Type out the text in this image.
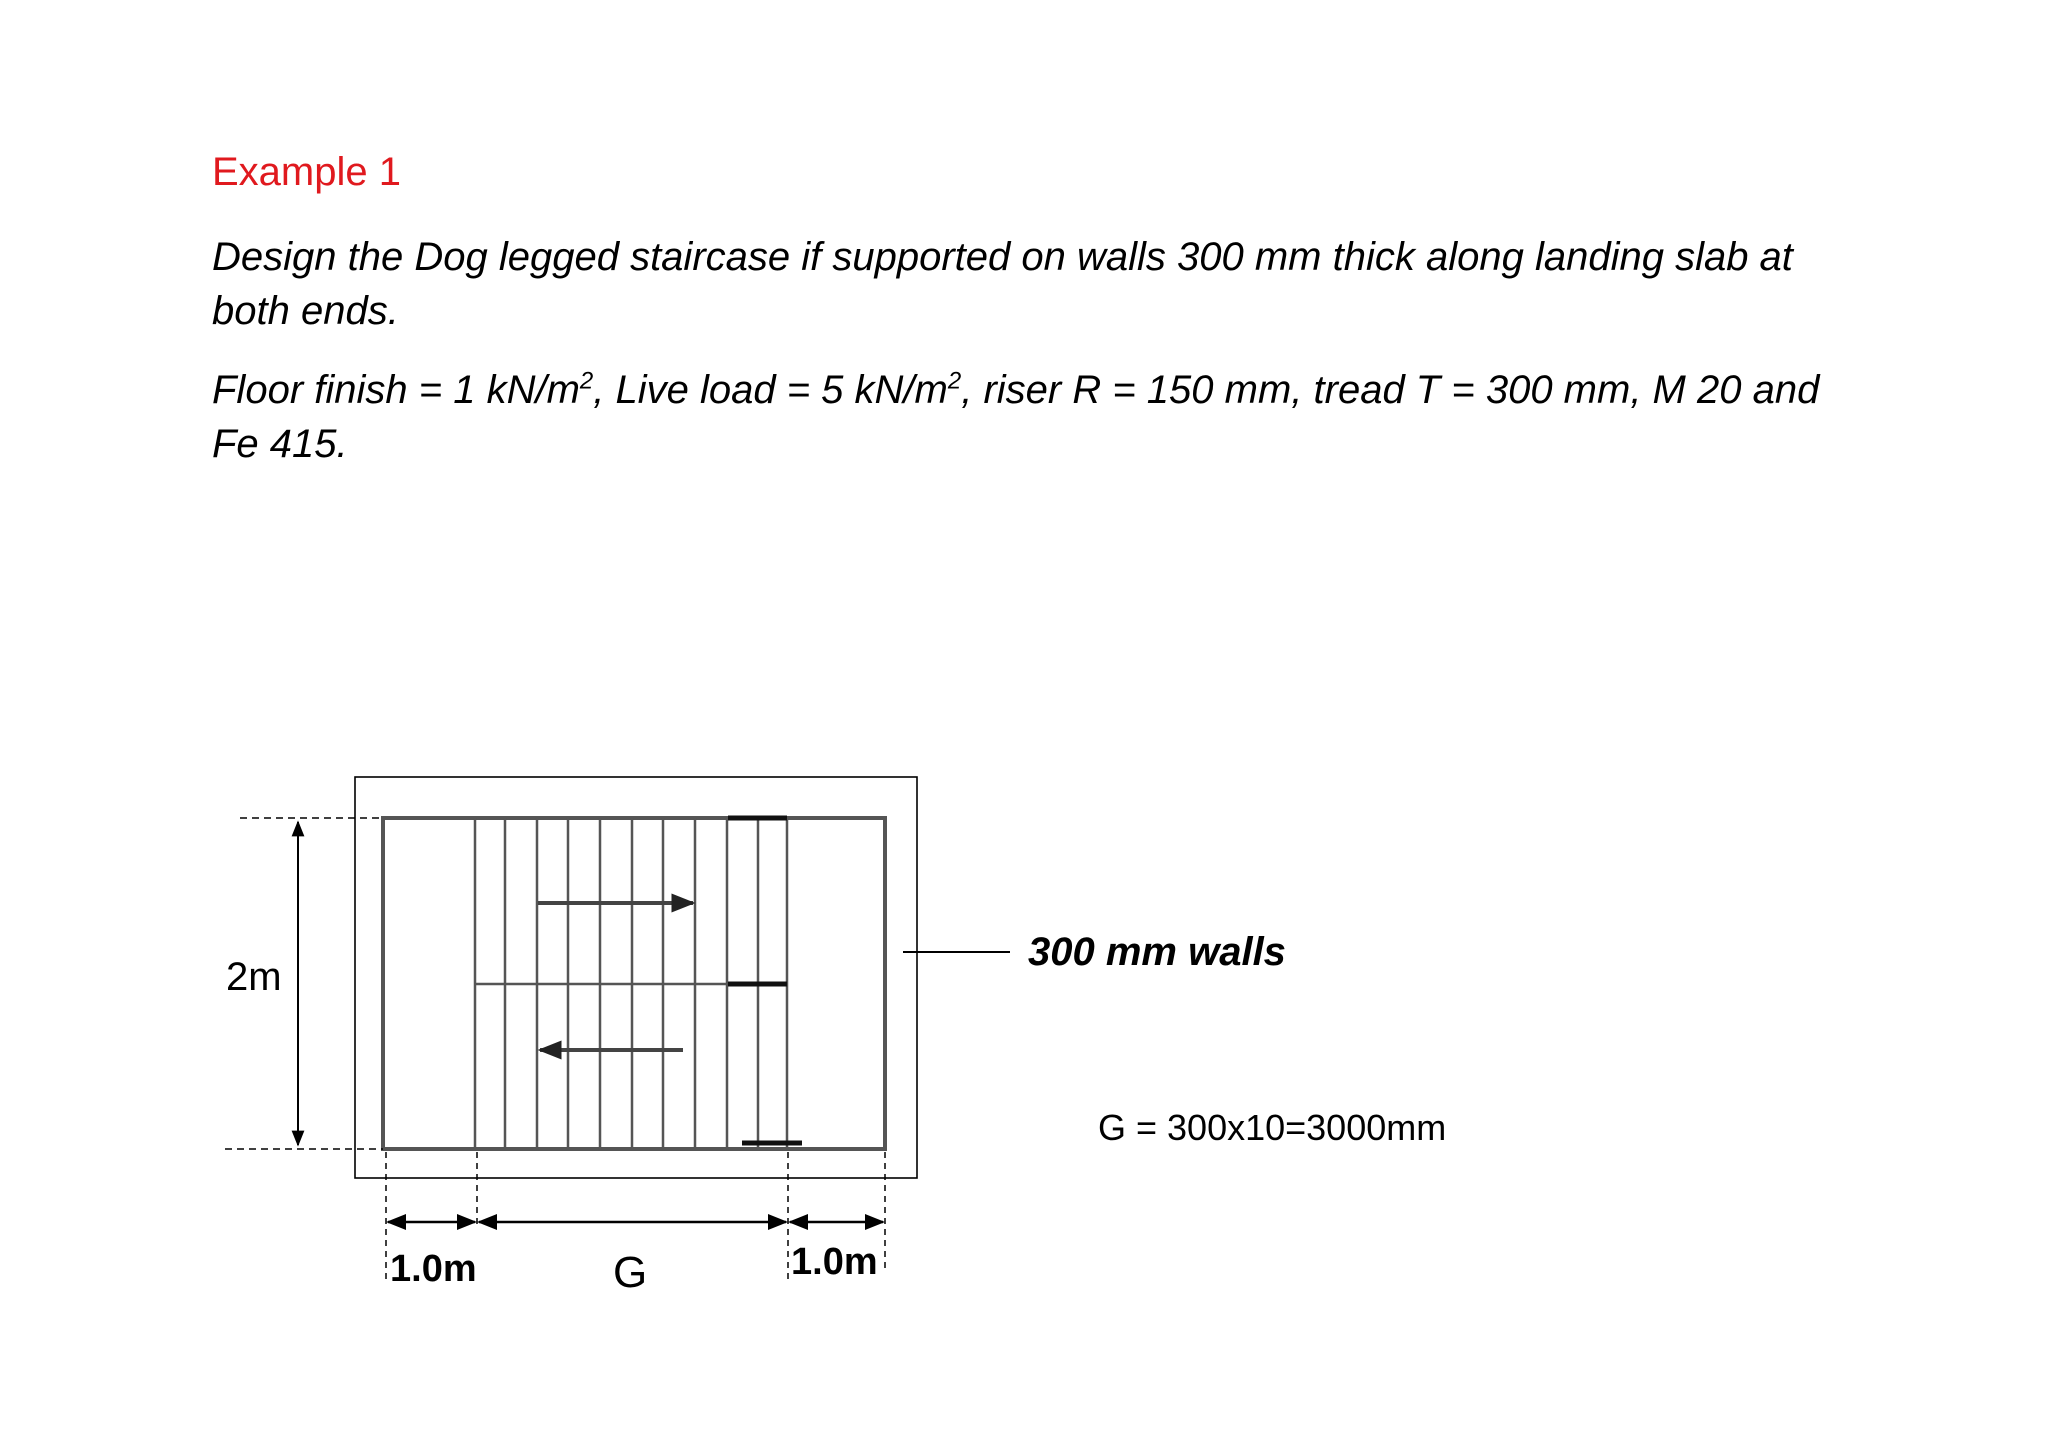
Example 1
Design the Dog legged staircase if supported on walls 300 mm thick along landing slab at
both ends.
Floor finish = 1 $kN/m^2$, Live load = 5 $kN/m^2$, riser R = 150 mm, tread T = 300 mm, M 20 and
Fe 415.
2m
1.0m	G	1.0m
300 mm walls
G = 300x10=3000mm
